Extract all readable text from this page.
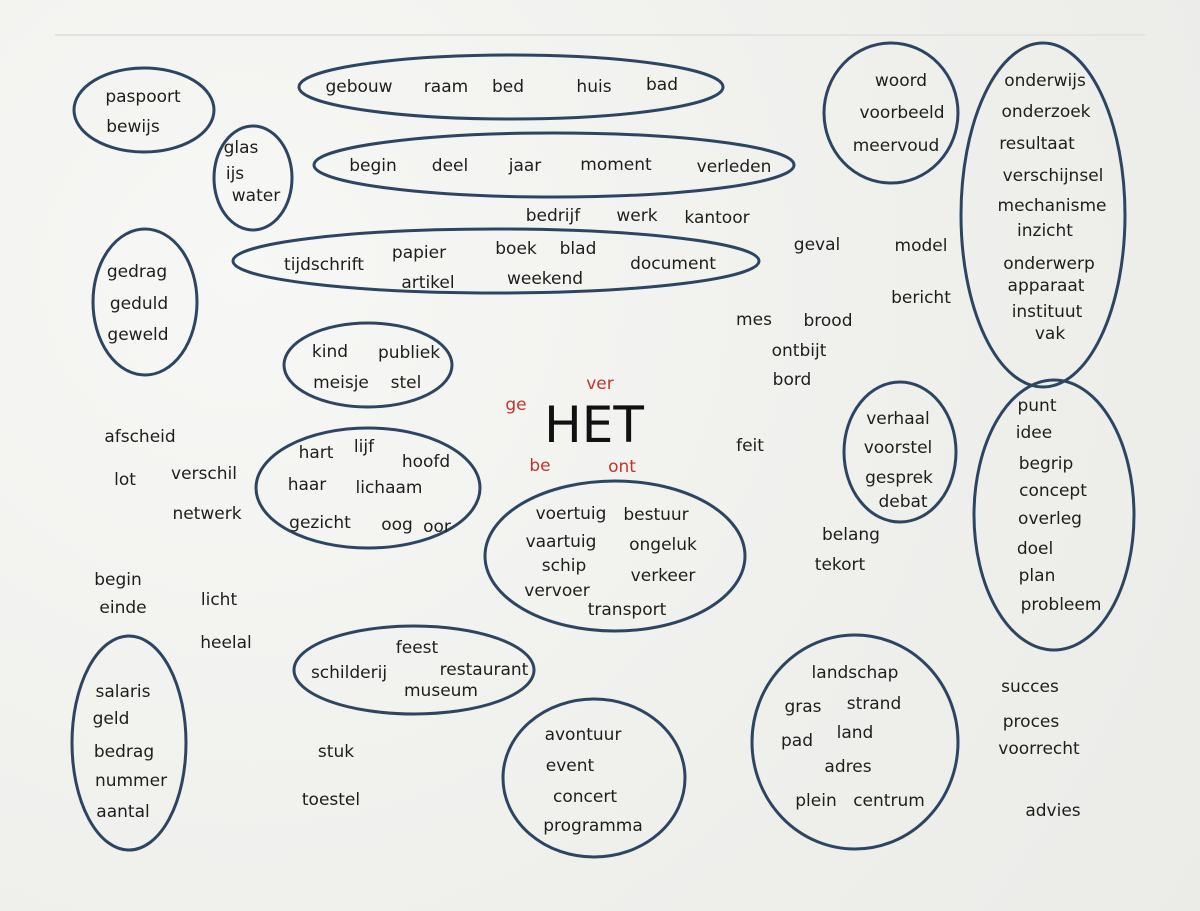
HET
ge
ver
be	ont
paspoort
bewijs
gebouw raam bed	huis bad	woord
voorbeeld
meervoud
onderwijs
onderzoek
resultaat
verschijnsel
mechanisme
inzicht
onderwerp
apparaat
instituut
vak
glas
ijs
water
begin deel jaar moment	verleden
tijdschrift
papier
artikel
boek blad
weekend
document
gedrag
geduld
geweld
kind publiek
meisje stel
verhaal
voorstel
gesprek
debat
punt
idee
begrip
concept
overleg
doel
plan
probleem
hart lijf
hoofd
haar lichaam
gezicht oog oor
voertuig bestuur
vaartuig ongeluk
schip	verkeer
vervoer
transport
salaris
geld
bedrag
nummer
aantal
feest
schilderij	restaurant
museum
avontuur
event
concert
programma
landschap
gras strand
pad land
adres
plein centrum
bedrijf werk kantoor
geval	model
bericht
mes brood
ontbijt
bord
afscheid
lot verschil
netwerk
feit
belang
tekort
begin
einde	licht
heelal
stuk
toestel
succes
proces
voorrecht
advies
